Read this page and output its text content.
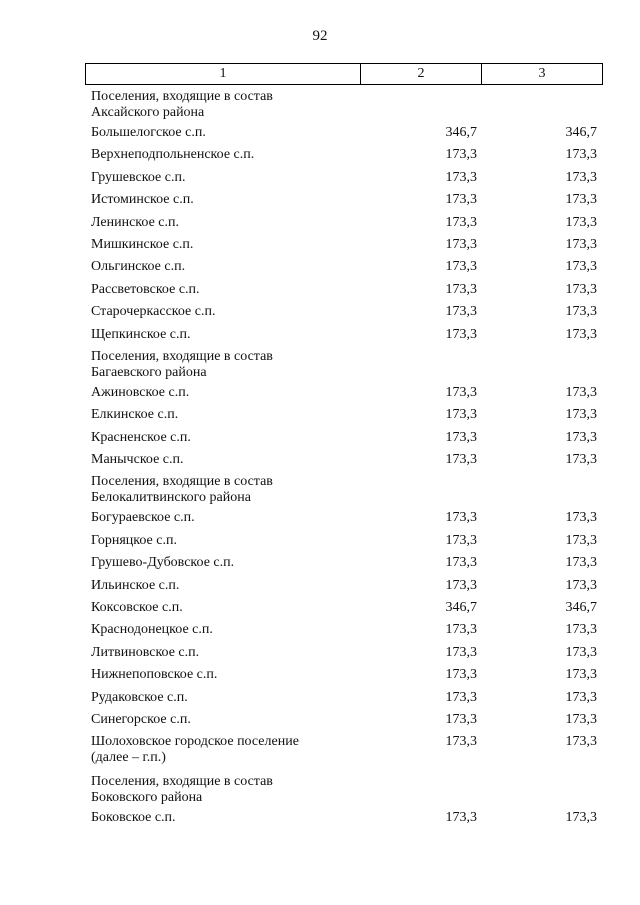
92
1	2	3
Поселения, входящие в состав
Аксайского района
Большелогское с.п.	346,7	346,7
Верхнеподпольненское с.п.	173,3	173,3
Грушевское с.п.	173,3	173,3
Истоминское с.п.	173,3	173,3
Ленинское с.п.	173,3	173,3
Мишкинское с.п.	173,3	173,3
Ольгинское с.п.	173,3	173,3
Рассветовское с.п.	173,3	173,3
Старочеркасское с.п.	173,3	173,3
Щепкинское с.п.	173,3	173,3
Поселения, входящие в состав
Багаевского района
Ажиновское с.п.	173,3	173,3
Елкинское с.п.	173,3	173,3
Красненское с.п.	173,3	173,3
Манычское с.п.	173,3	173,3
Поселения, входящие в состав
Белокалитвинского района
Богураевское с.п.	173,3	173,3
Горняцкое с.п.	173,3	173,3
Грушево-Дубовское с.п.	173,3	173,3
Ильинское с.п.	173,3	173,3
Коксовское с.п.	346,7	346,7
Краснодонецкое с.п.	173,3	173,3
Литвиновское с.п.	173,3	173,3
Нижнепоповское с.п.	173,3	173,3
Рудаковское с.п.	173,3	173,3
Синегорское с.п.	173,3	173,3
Шолоховское городское поселение
(далее – г.п.)
173,3	173,3
Поселения, входящие в состав
Боковского района
Боковское с.п.	173,3	173,3
